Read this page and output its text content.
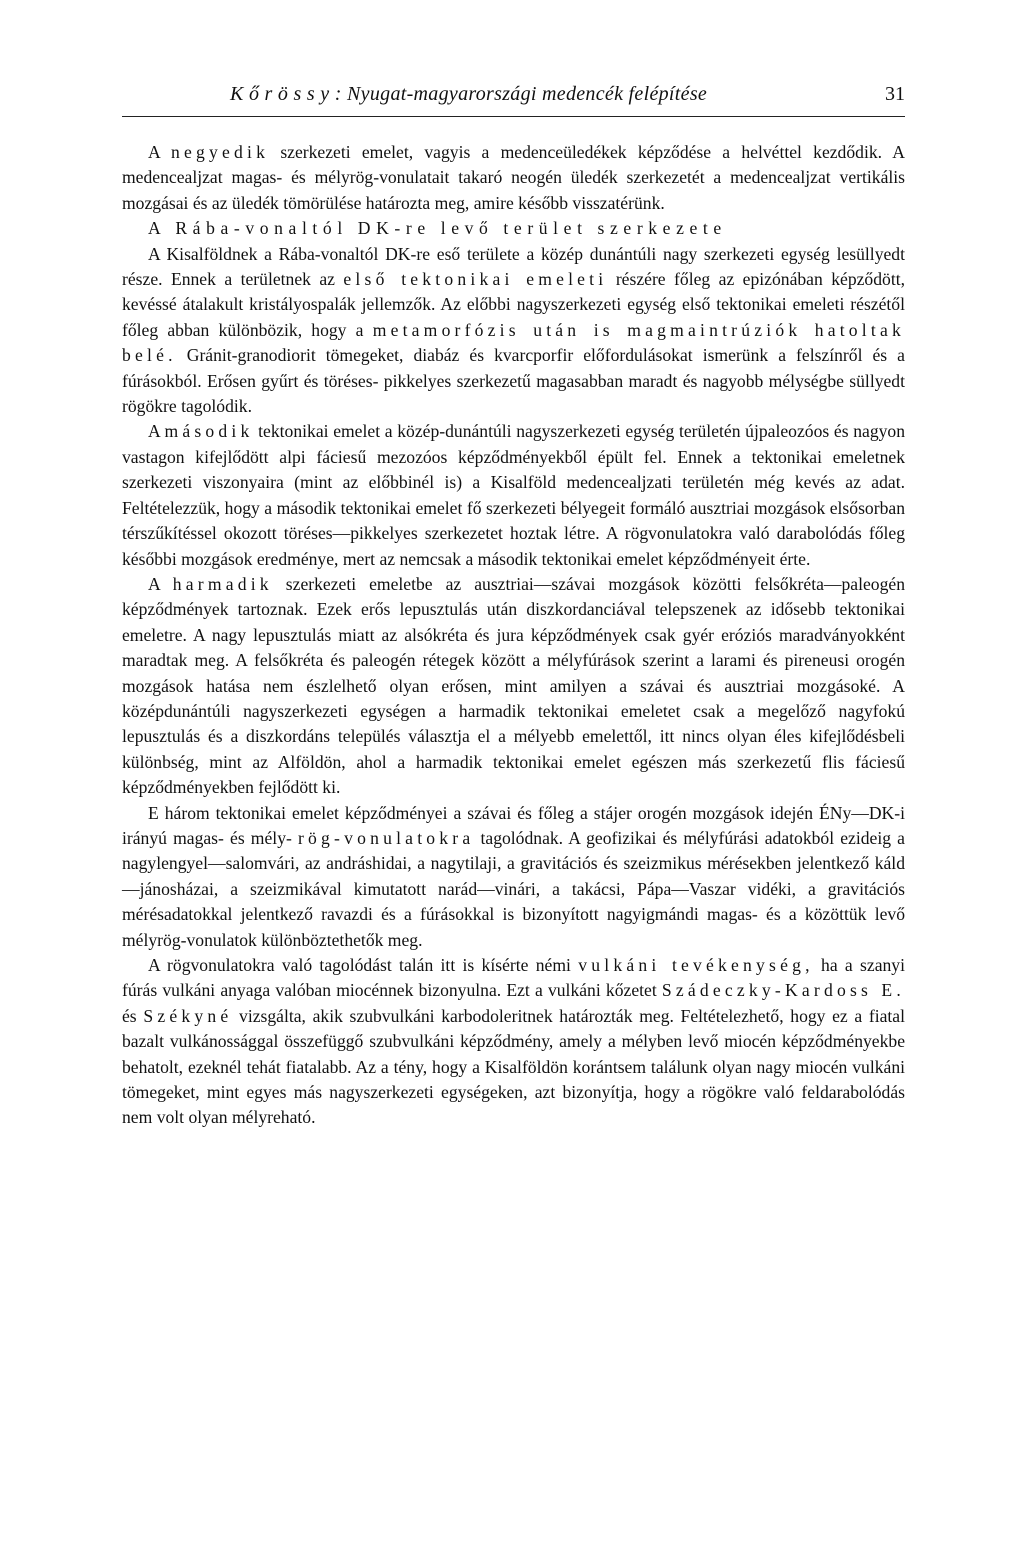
K ő r ö s s y : Nyugat-magyarországi medencék felépítése	31

A negyedik szerkezeti emelet, vagyis a medenceüledékek képződése a helvéttel kezdődik. A medencealjzat magas- és mélyrög-vonulatait takaró neogén üledék szerkezetét a medencealjzat vertikális mozgásai és az üledék tömörülése határozta meg, amire később visszatérünk.

A Rába-vonaltól DK-re levő terület szerkezete

A Kisalföldnek a Rába-vonaltól DK-re eső területe a közép dunántúli nagy szerkezeti egység lesüllyedt része. Ennek a területnek az első tektonikai emeleti részére főleg az epizónában képződött, kevéssé átalakult kristályospalák jellemzők. Az előbbi nagyszerkezeti egység első tektonikai emeleti részétől főleg abban különbözik, hogy a metamorfózis után is magmaintrúziók hatoltak belé. Gránit-granodiorit tömegeket, diabáz és kvarcporfir előfordulásokat ismerünk a felszínről és a fúrásokból. Erősen gyűrt és töréses- pikkelyes szerkezetű magasabban maradt és nagyobb mélységbe süllyedt rögökre tagolódik.

A második tektonikai emelet a közép-dunántúli nagyszerkezeti egység területén újpaleozóos és nagyon vastagon kifejlődött alpi fáciesű mezozóos képződményekből épült fel. Ennek a tektonikai emeletnek szerkezeti viszonyaira (mint az előbbinél is) a Kisalföld medencealjzati területén még kevés az adat. Feltételezzük, hogy a második tektonikai emelet fő szerkezeti bélyegeit formáló ausztriai mozgások elsősorban térszűkítéssel okozott töréses—pikkelyes szerkezetet hoztak létre. A rögvonulatokra való darabolódás főleg későbbi mozgások eredménye, mert az nemcsak a második tektonikai emelet képződményeit érte.

A harmadik szerkezeti emeletbe az ausztriai—szávai mozgások közötti felsőkréta—paleogén képződmények tartoznak. Ezek erős lepusztulás után diszkordanciával telepszenek az idősebb tektonikai emeletre. A nagy lepusztulás miatt az alsókréta és jura képződmények csak gyér eróziós maradványokként maradtak meg. A felsőkréta és paleogén rétegek között a mélyfúrások szerint a larami és pireneusi orogén mozgások hatása nem észlelhető olyan erősen, mint amilyen a szávai és ausztriai mozgásoké. A középdunántúli nagyszerkezeti egységen a harmadik tektonikai emeletet csak a megelőző nagyfokú lepusztulás és a diszkordáns település választja el a mélyebb emelettől, itt nincs olyan éles kifejlődésbeli különbség, mint az Alföldön, ahol a harmadik tektonikai emelet egészen más szerkezetű flis fáciesű képződményekben fejlődött ki.

E három tektonikai emelet képződményei a szávai és főleg a stájer orogén mozgások idején ÉNy—DK-i irányú magas- és mély- rög-vonulatokra tagolódnak. A geofizikai és mélyfúrási adatokból ezideig a nagylengyel—salomvári, az andráshidai, a nagytilaji, a gravitációs és szeizmikus mérésekben jelentkező káld—jánosházai, a szeizmikával kimutatott narád—vinári, a takácsi, Pápa—Vaszar vidéki, a gravitációs mérésadatokkal jelentkező ravazdi és a fúrásokkal is bizonyított nagyigmándi magas- és a közöttük levő mélyrög-vonulatok különböztethetők meg.

A rögvonulatokra való tagolódást talán itt is kísérte némi vulkáni tevékenység, ha a szanyi fúrás vulkáni anyaga valóban miocénnek bizonyulna. Ezt a vulkáni kőzetet Szádeczky-Kardoss E. és Székyné vizsgálta, akik szubvulkáni karbodoleritnek határozták meg. Feltételezhető, hogy ez a fiatal bazalt vulkánossággal összefüggő szubvulkáni képződmény, amely a mélyben levő miocén képződményekbe behatolt, ezeknél tehát fiatalabb. Az a tény, hogy a Kisalföldön korántsem találunk olyan nagy miocén vulkáni tömegeket, mint egyes más nagyszerkezeti egységeken, azt bizonyítja, hogy a rögökre való feldarabolódás nem volt olyan mélyreható.
